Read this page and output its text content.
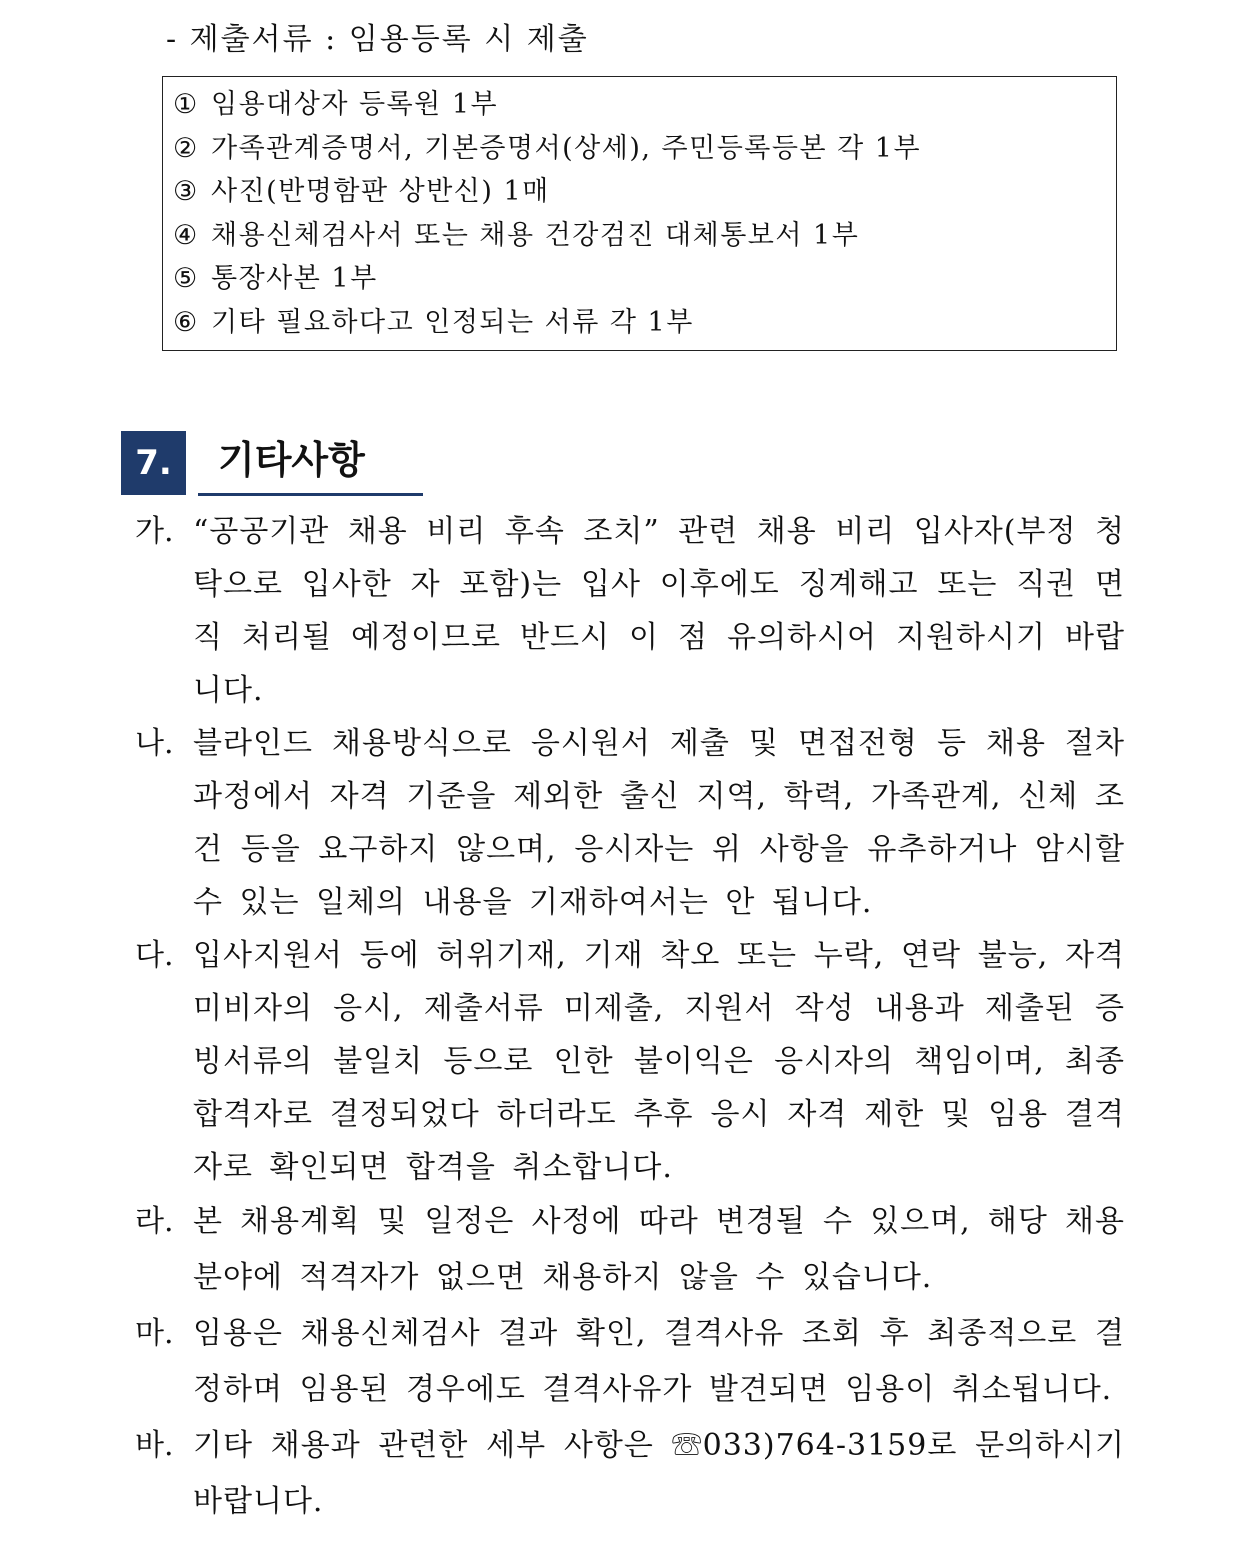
- 제출서류 : 임용등록 시 제출
① 임용대상자 등록원 1부
② 가족관계증명서, 기본증명서(상세), 주민등록등본 각 1부
③ 사진(반명함판 상반신) 1매
④ 채용신체검사서 또는 채용 건강검진 대체통보서 1부
⑤ 통장사본 1부
⑥ 기타 필요하다고 인정되는 서류 각 1부
7.	기타사항
가. “공공기관 채용 비리 후속 조치” 관련 채용 비리 입사자(부정 청탁으로 입사한 자 포함)는 입사 이후에도 징계해고 또는 직권 면직 처리될 예정이므로 반드시 이 점 유의하시어 지원하시기 바랍니다.
나. 블라인드 채용방식으로 응시원서 제출 및 면접전형 등 채용 절차 과정에서 자격 기준을 제외한 출신 지역, 학력, 가족관계, 신체 조건 등을 요구하지 않으며, 응시자는 위 사항을 유추하거나 암시할 수 있는 일체의 내용을 기재하여서는 안 됩니다.
다. 입사지원서 등에 허위기재, 기재 착오 또는 누락, 연락 불능, 자격 미비자의 응시, 제출서류 미제출, 지원서 작성 내용과 제출된 증빙서류의 불일치 등으로 인한 불이익은 응시자의 책임이며, 최종합격자로 결정되었다 하더라도 추후 응시 자격 제한 및 임용 결격자로 확인되면 합격을 취소합니다.
라. 본 채용계획 및 일정은 사정에 따라 변경될 수 있으며, 해당 채용 분야에 적격자가 없으면 채용하지 않을 수 있습니다.
마. 임용은 채용신체검사 결과 확인, 결격사유 조회 후 최종적으로 결정하며 임용된 경우에도 결격사유가 발견되면 임용이 취소됩니다.
바. 기타 채용과 관련한 세부 사항은 ☏033)764-3159로 문의하시기 바랍니다.
